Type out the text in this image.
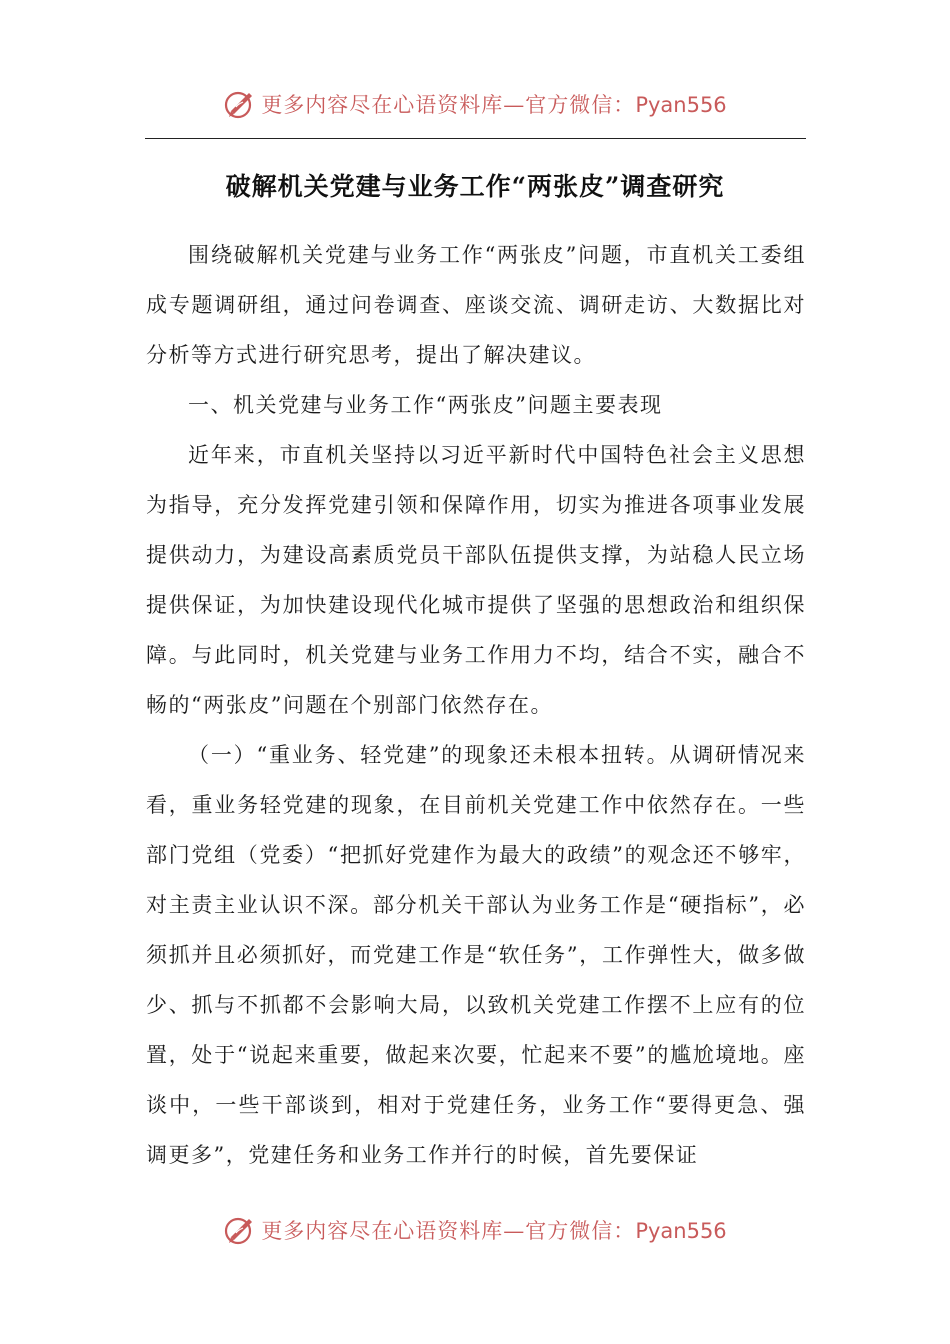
更多内容尽在心语资料库—官方微信：Pyan556
破解机关党建与业务工作“两张皮”调查研究

围绕破解机关党建与业务工作“两张皮”问题，市直机关工委组成专题调研组，通过问卷调查、座谈交流、调研走访、大数据比对分析等方式进行研究思考，提出了解决建议。

一、机关党建与业务工作“两张皮”问题主要表现

近年来，市直机关坚持以习近平新时代中国特色社会主义思想为指导，充分发挥党建引领和保障作用，切实为推进各项事业发展提供动力，为建设高素质党员干部队伍提供支撑，为站稳人民立场提供保证，为加快建设现代化城市提供了坚强的思想政治和组织保障。与此同时，机关党建与业务工作用力不均，结合不实，融合不畅的“两张皮”问题在个别部门依然存在。

（一）“重业务、轻党建”的现象还未根本扭转。从调研情况来看，重业务轻党建的现象，在目前机关党建工作中依然存在。一些部门党组（党委）“把抓好党建作为最大的政绩”的观念还不够牢，对主责主业认识不深。部分机关干部认为业务工作是“硬指标”，必须抓并且必须抓好，而党建工作是“软任务”，工作弹性大，做多做少、抓与不抓都不会影响大局，以致机关党建工作摆不上应有的位置，处于“说起来重要，做起来次要，忙起来不要”的尴尬境地。座谈中，一些干部谈到，相对于党建任务，业务工作“要得更急、强调更多”，党建任务和业务工作并行的时候，首先要保证

更多内容尽在心语资料库—官方微信：Pyan556
